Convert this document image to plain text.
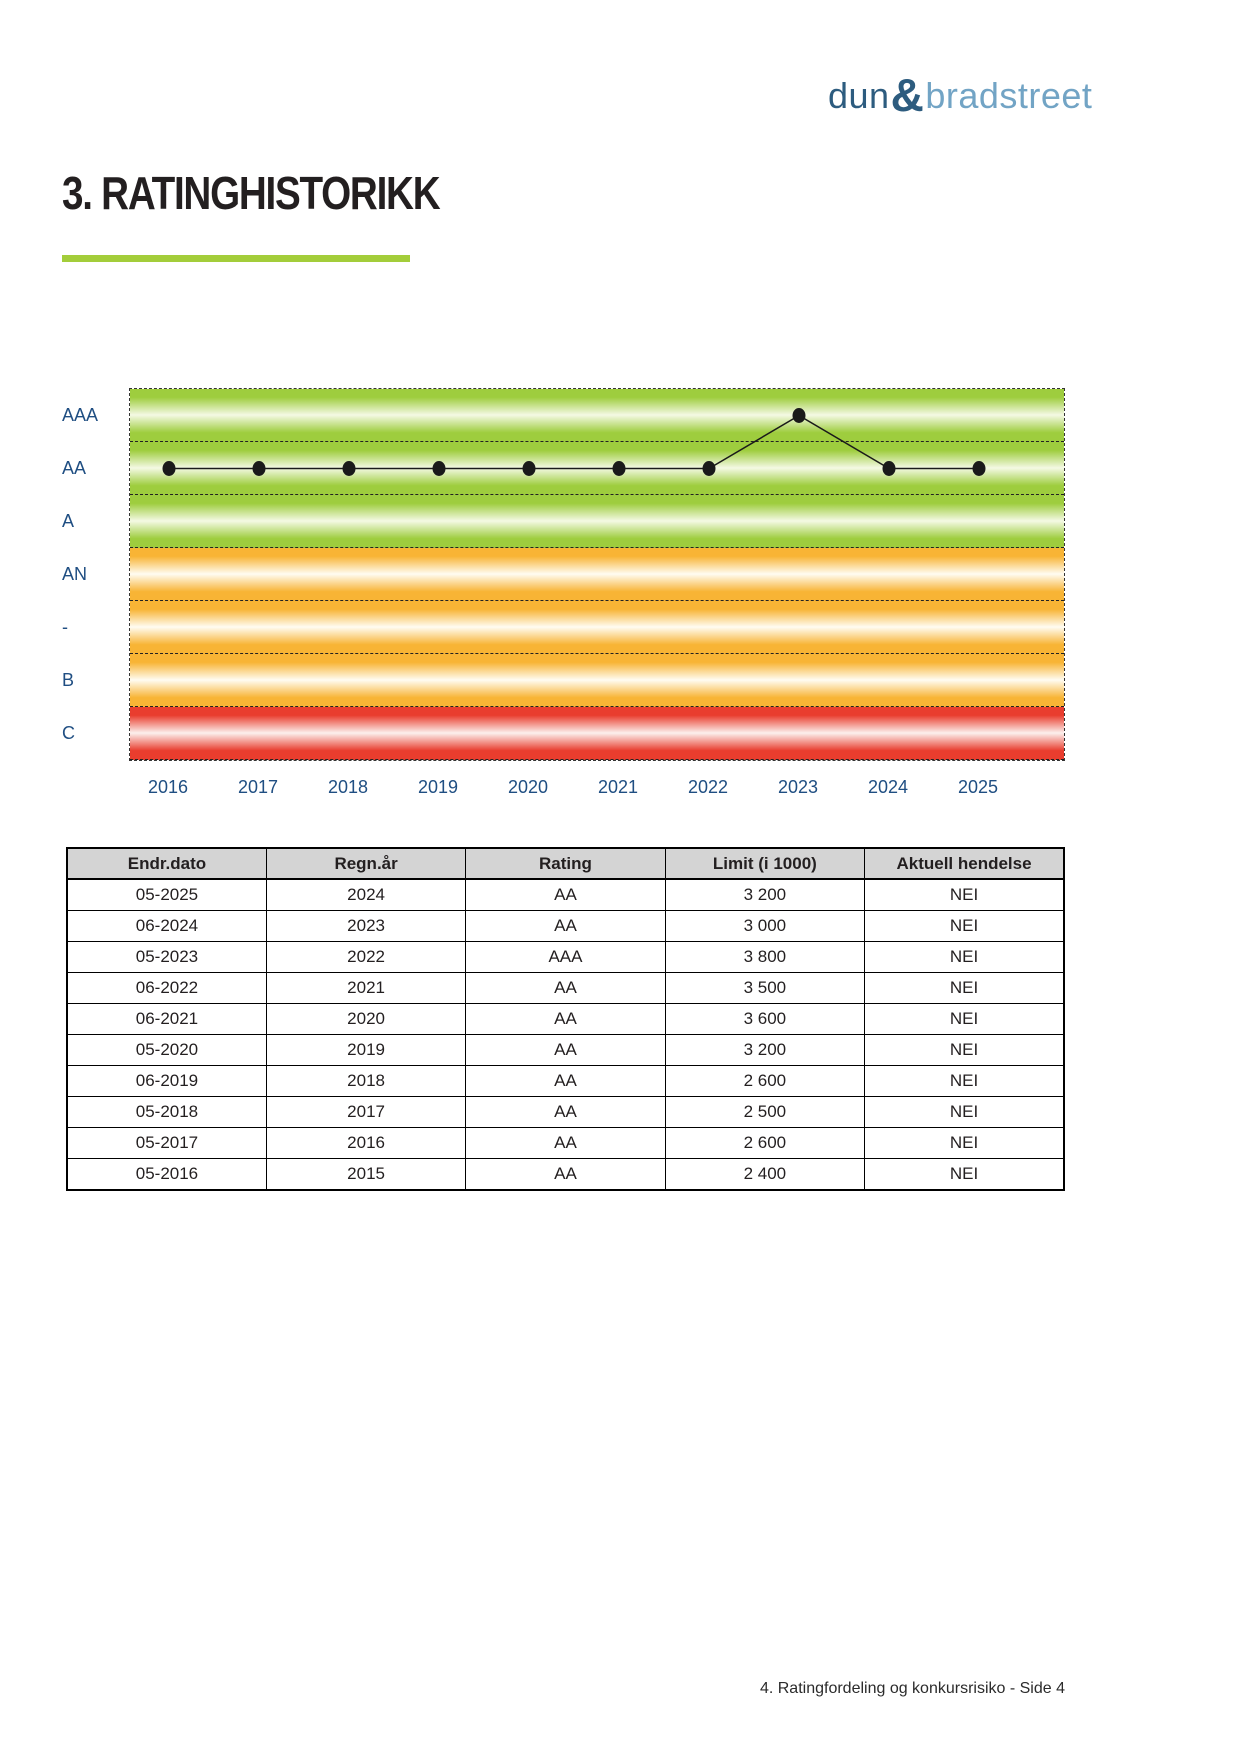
dun & bradstreet
3. RATINGHISTORIKK
AAA
AA
A
AN
-
B
C
2016	2017	2018	2019	2020	2021	2022	2023	2024	2025
Endr.dato	Regn.år	Rating	Limit (i 1000)	Aktuell hendelse
05-2025	2024	AA	3 200	NEI
06-2024	2023	AA	3 000	NEI
05-2023	2022	AAA	3 800	NEI
06-2022	2021	AA	3 500	NEI
06-2021	2020	AA	3 600	NEI
05-2020	2019	AA	3 200	NEI
06-2019	2018	AA	2 600	NEI
05-2018	2017	AA	2 500	NEI
05-2017	2016	AA	2 600	NEI
05-2016	2015	AA	2 400	NEI
4. Ratingfordeling og konkursrisiko - Side 4
